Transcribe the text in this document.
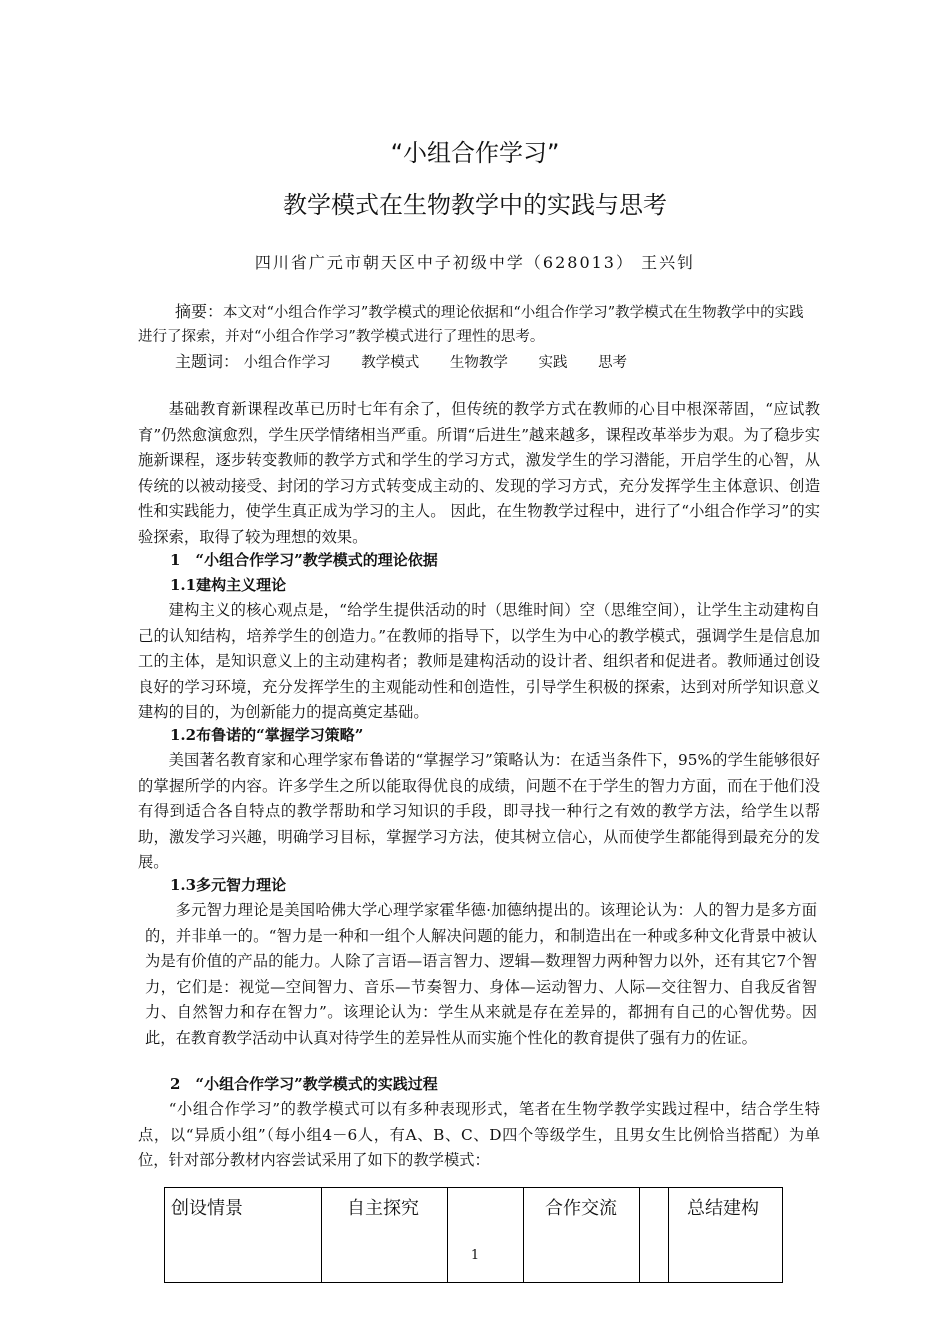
“小组合作学习”
教学模式在生物教学中的实践与思考
四川省广元市朝天区中子初级中学（628013） 王兴钊
摘要：本文对“小组合作学习”教学模式的理论依据和“小组合作学习”教学模式在生物教学中的实践进行了探索，并对“小组合作学习”教学模式进行了理性的思考。
主题词： 小组合作学习 教学模式 生物教学 实践 思考

基础教育新课程改革已历时七年有余了，但传统的教学方式在教师的心目中根深蒂固，“应试教育”仍然愈演愈烈，学生厌学情绪相当严重。所谓“后进生”越来越多，课程改革举步为艰。为了稳步实施新课程，逐步转变教师的教学方式和学生的学习方式，激发学生的学习潜能，开启学生的心智，从传统的以被动接受、封闭的学习方式转变成主动的、发现的学习方式，充分发挥学生主体意识、创造性和实践能力，使学生真正成为学习的主人。 因此，在生物教学过程中，进行了“小组合作学习”的实验探索，取得了较为理想的效果。

1　“小组合作学习”教学模式的理论依据
1.1建构主义理论

建构主义的核心观点是，“给学生提供活动的时（思维时间）空（思维空间），让学生主动建构自己的认知结构，培养学生的创造力。”在教师的指导下，以学生为中心的教学模式，强调学生是信息加工的主体，是知识意义上的主动建构者；教师是建构活动的设计者、组织者和促进者。教师通过创设良好的学习环境，充分发挥学生的主观能动性和创造性，引导学生积极的探索，达到对所学知识意义建构的目的，为创新能力的提高奠定基础。

1.2布鲁诺的“掌握学习策略”

美国著名教育家和心理学家布鲁诺的“掌握学习”策略认为：在适当条件下，95%的学生能够很好的掌握所学的内容。许多学生之所以能取得优良的成绩，问题不在于学生的智力方面，而在于他们没有得到适合各自特点的教学帮助和学习知识的手段，即寻找一种行之有效的教学方法，给学生以帮助，激发学习兴趣，明确学习目标，掌握学习方法，使其树立信心，从而使学生都能得到最充分的发展。

1.3多元智力理论

多元智力理论是美国哈佛大学心理学家霍华德·加德纳提出的。该理论认为：人的智力是多方面的，并非单一的。“智力是一种和一组个人解决问题的能力，和制造出在一种或多种文化背景中被认为是有价值的产品的能力。人除了言语—语言智力、逻辑—数理智力两种智力以外，还有其它7个智力，它们是：视觉—空间智力、音乐—节奏智力、身体—运动智力、人际—交往智力、自我反省智力、自然智力和存在智力”。该理论认为：学生从来就是存在差异的，都拥有自己的心智优势。因此，在教育教学活动中认真对待学生的差异性从而实施个性化的教育提供了强有力的佐证。

2　“小组合作学习”教学模式的实践过程

“小组合作学习”的教学模式可以有多种表现形式，笔者在生物学教学实践过程中，结合学生特点，以“异质小组”（每小组4－6人，有A、B、C、D四个等级学生，且男女生比例恰当搭配）为单位，针对部分教材内容尝试采用了如下的教学模式：

创设情景	自主探究	合作交流	总结建构
1
